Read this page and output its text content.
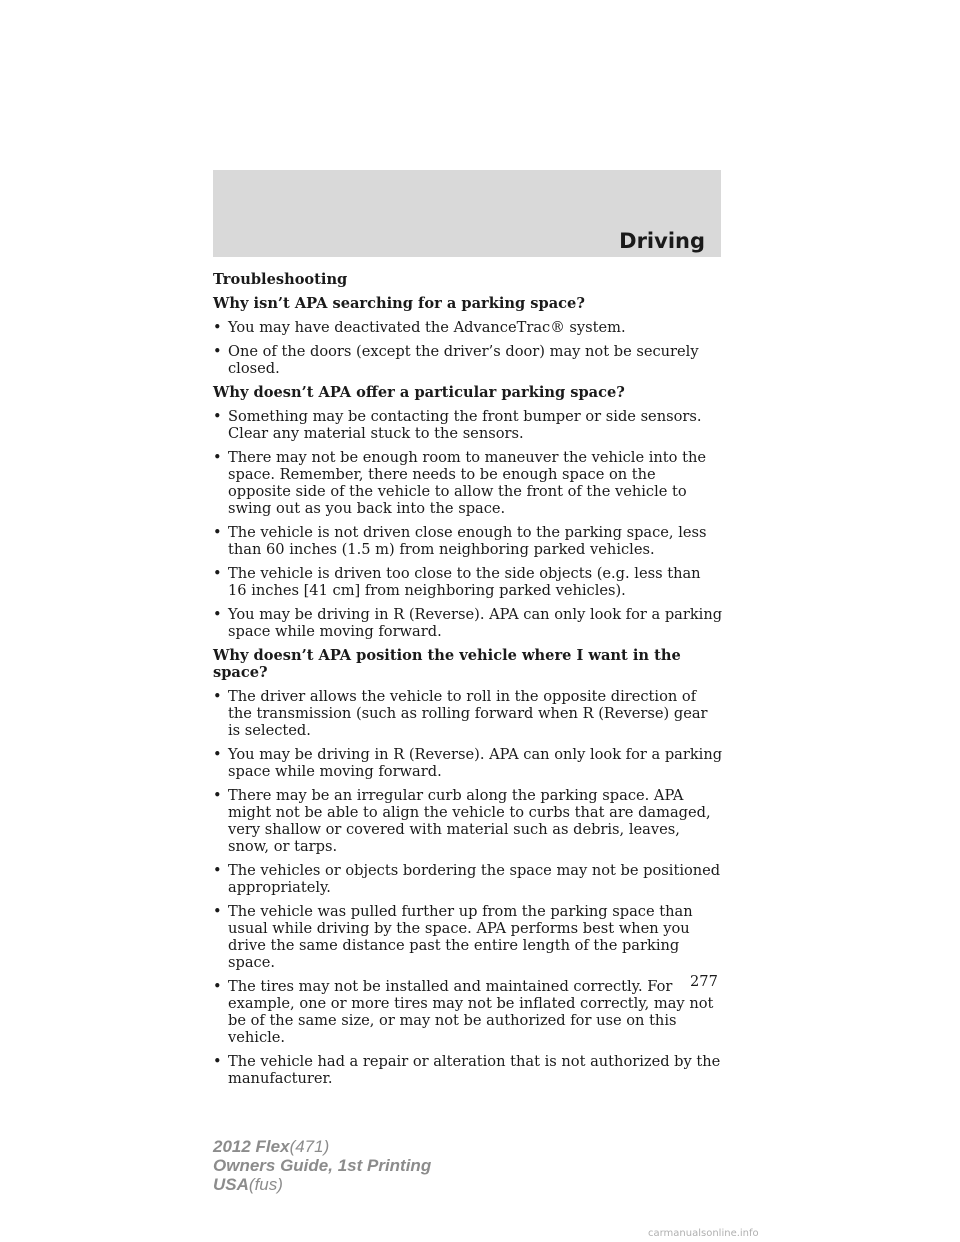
Driving
Troubleshooting
Why isn’t APA searching for a parking space?
• You may have deactivated the AdvanceTrac® system.
• One of the doors (except the driver’s door) may not be securely closed.
Why doesn’t APA offer a particular parking space?
• Something may be contacting the front bumper or side sensors. Clear any material stuck to the sensors.
• There may not be enough room to maneuver the vehicle into the space. Remember, there needs to be enough space on the opposite side of the vehicle to allow the front of the vehicle to swing out as you back into the space.
• The vehicle is not driven close enough to the parking space, less than 60 inches (1.5 m) from neighboring parked vehicles.
• The vehicle is driven too close to the side objects (e.g. less than 16 inches [41 cm] from neighboring parked vehicles).
• You may be driving in R (Reverse). APA can only look for a parking space while moving forward.
Why doesn’t APA position the vehicle where I want in the space?
• The driver allows the vehicle to roll in the opposite direction of the transmission (such as rolling forward when R (Reverse) gear is selected.
• You may be driving in R (Reverse). APA can only look for a parking space while moving forward.
• There may be an irregular curb along the parking space. APA might not be able to align the vehicle to curbs that are damaged, very shallow or covered with material such as debris, leaves, snow, or tarps.
• The vehicles or objects bordering the space may not be positioned appropriately.
• The vehicle was pulled further up from the parking space than usual while driving by the space. APA performs best when you drive the same distance past the entire length of the parking space.
• The tires may not be installed and maintained correctly. For example, one or more tires may not be inflated correctly, may not be of the same size, or may not be authorized for use on this vehicle.
• The vehicle had a repair or alteration that is not authorized by the manufacturer.
277
2012 Flex(471)
Owners Guide, 1st Printing
USA(fus)
carmanualsonline.info
